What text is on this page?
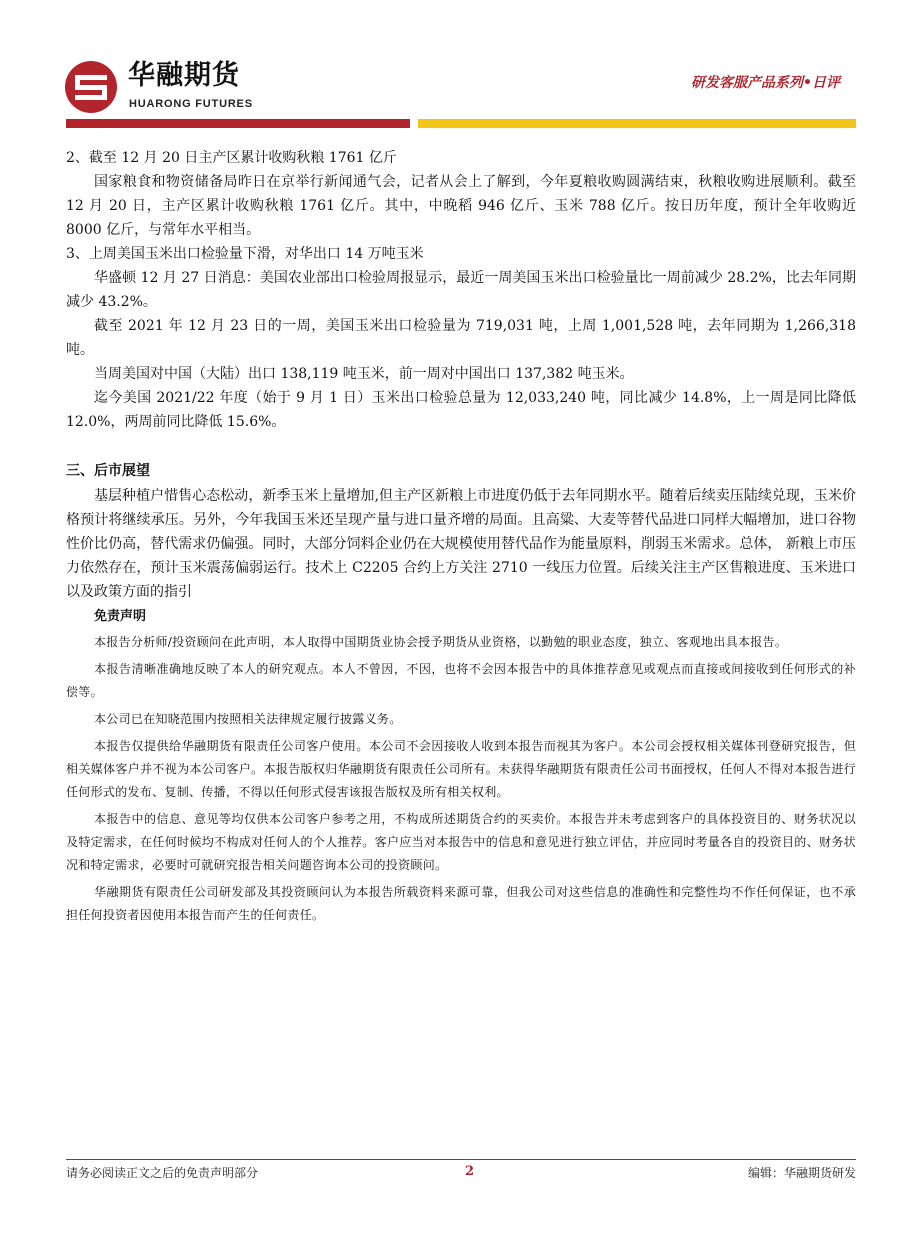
华融期货
HUARONG FUTURES
研发客服产品系列•日评

2、截至 12 月 20 日主产区累计收购秋粮 1761 亿斤

国家粮食和物资储备局昨日在京举行新闻通气会，记者从会上了解到，今年夏粮收购圆满结束，秋粮收购进展顺利。截至 12 月 20 日，主产区累计收购秋粮 1761 亿斤。其中，中晚稻 946 亿斤、玉米 788 亿斤。按日历年度，预计全年收购近 8000 亿斤，与常年水平相当。

3、上周美国玉米出口检验量下滑，对华出口 14 万吨玉米

华盛顿 12 月 27 日消息：美国农业部出口检验周报显示，最近一周美国玉米出口检验量比一周前减少 28.2%，比去年同期减少 43.2%。

截至 2021 年 12 月 23 日的一周，美国玉米出口检验量为 719,031 吨，上周 1,001,528 吨，去年同期为 1,266,318 吨。

当周美国对中国（大陆）出口 138,119 吨玉米，前一周对中国出口 137,382 吨玉米。

迄今美国 2021/22 年度（始于 9 月 1 日）玉米出口检验总量为 12,033,240 吨，同比减少 14.8%，上一周是同比降低 12.0%，两周前同比降低 15.6%。

三、后市展望

基层种植户惜售心态松动，新季玉米上量增加,但主产区新粮上市进度仍低于去年同期水平。随着后续卖压陆续兑现，玉米价格预计将继续承压。另外，今年我国玉米还呈现产量与进口量齐增的局面。且高粱、大麦等替代品进口同样大幅增加，进口谷物性价比仍高，替代需求仍偏强。同时，大部分饲料企业仍在大规模使用替代品作为能量原料，削弱玉米需求。总体， 新粮上市压力依然存在，预计玉米震荡偏弱运行。技术上 C2205 合约上方关注 2710 一线压力位置。后续关注主产区售粮进度、玉米进口以及政策方面的指引

免责声明

本报告分析师/投资顾问在此声明，本人取得中国期货业协会授予期货从业资格，以勤勉的职业态度，独立、客观地出具本报告。

本报告清晰准确地反映了本人的研究观点。本人不曾因，不因，也将不会因本报告中的具体推荐意见或观点而直接或间接收到任何形式的补偿等。

本公司已在知晓范围内按照相关法律规定履行披露义务。

本报告仅提供给华融期货有限责任公司客户使用。本公司不会因接收人收到本报告而视其为客户。本公司会授权相关媒体刊登研究报告，但相关媒体客户并不视为本公司客户。本报告版权归华融期货有限责任公司所有。未获得华融期货有限责任公司书面授权，任何人不得对本报告进行任何形式的发布、复制、传播，不得以任何形式侵害该报告版权及所有相关权利。

本报告中的信息、意见等均仅供本公司客户参考之用，不构成所述期货合约的买卖价。本报告并未考虑到客户的具体投资目的、财务状况以及特定需求，在任何时候均不构成对任何人的个人推荐。客户应当对本报告中的信息和意见进行独立评估，并应同时考量各自的投资目的、财务状况和特定需求，必要时可就研究报告相关问题咨询本公司的投资顾问。

华融期货有限责任公司研发部及其投资顾问认为本报告所载资料来源可靠，但我公司对这些信息的准确性和完整性均不作任何保证，也不承担任何投资者因使用本报告而产生的任何责任。

请务必阅读正文之后的免责声明部分	2	编辑：华融期货研发
